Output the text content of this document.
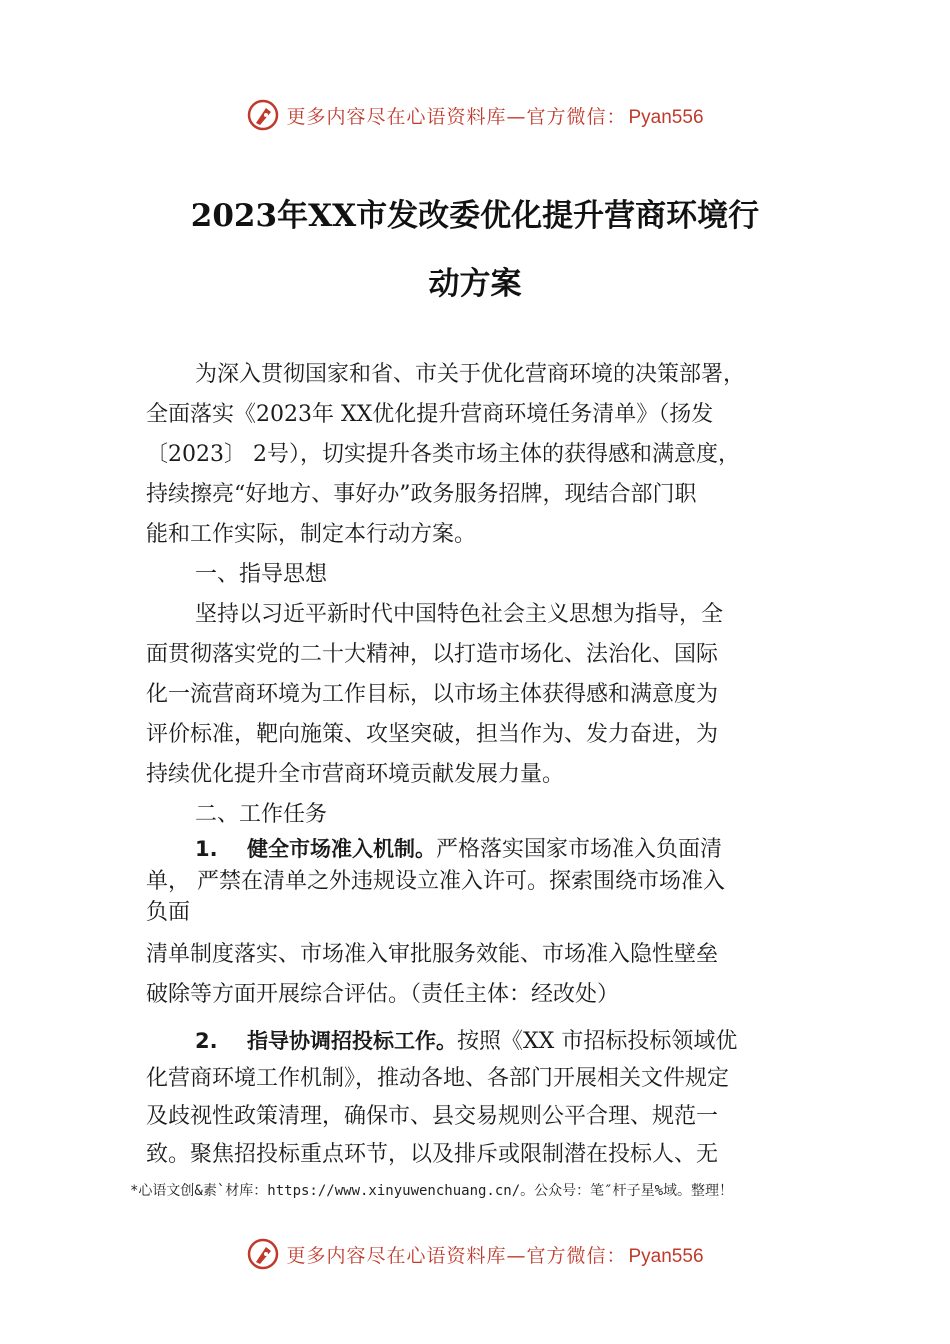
更多内容尽在心语资料库—官方微信： Pyan556
2023年XX市发改委优化提升营商环境行
动方案
为深入贯彻国家和省、市关于优化营商环境的决策部署，
全面落实《2023年 XX优化提升营商环境任务清单》（扬发
〔2023〕 2号），切实提升各类市场主体的获得感和满意度，
持续擦亮“好地方、事好办”政务服务招牌，现结合部门职
能和工作实际，制定本行动方案。
一、指导思想
坚持以习近平新时代中国特色社会主义思想为指导，全
面贯彻落实党的二十大精神，以打造市场化、法治化、国际
化一流营商环境为工作目标，以市场主体获得感和满意度为
评价标准，靶向施策、攻坚突破，担当作为、发力奋进，为
持续优化提升全市营商环境贡献发展力量。
二、工作任务
1. 健全市场准入机制。严格落实国家市场准入负面清
单， 严禁在清单之外违规设立准入许可。探索围绕市场准入
负面
清单制度落实、市场准入审批服务效能、市场准入隐性壁垒
破除等方面开展综合评估。（责任主体：经改处）
2. 指导协调招投标工作。按照《XX 市招标投标领域优
化营商环境工作机制》，推动各地、各部门开展相关文件规定
及歧视性政策清理，确保市、县交易规则公平合理、规范一
致。聚焦招投标重点环节，以及排斥或限制潜在投标人、无
*心语文创&素`材库：https://www.xinyuwenchuang.cn/。公众号：笔″杆子星%域。整理！
更多内容尽在心语资料库—官方微信： Pyan556
